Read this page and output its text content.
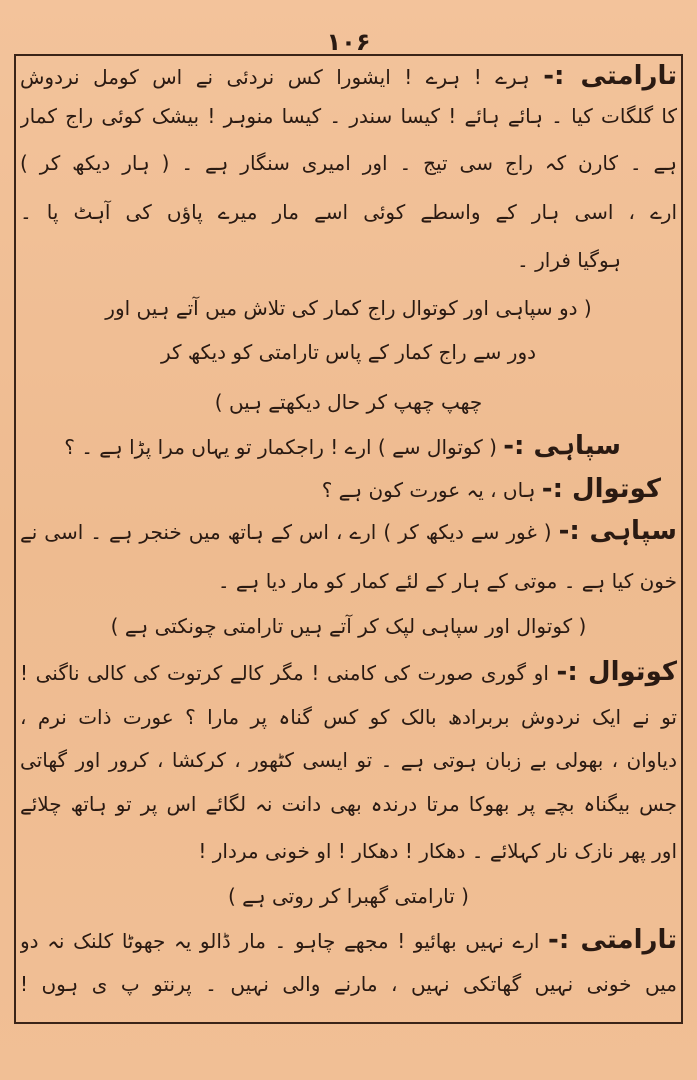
۱۰۶
تارامتی :- ہرے ! ہرے ! ایشورا کس نردئی نے اس کومل نردوش
کا گلگات کیا ۔ ہائے ہائے ! کیسا سندر ۔ کیسا منوہر ! بیشک کوئی راج کمار
ہے ۔ کارن کہ راج سی تیج ۔ اور امیری سنگار ہے ۔ ( ہار دیکھ کر )
ارے ، اسی ہار کے واسطے کوئی اسے مار میرے پاؤں کی آہٹ پا ۔
ہوگیا فرار ۔
( دو سپاہی اور کوتوال راج کمار کی تلاش میں آتے ہیں اور
دور سے راج کمار کے پاس تارامتی کو دیکھ کر
چھپ چھپ کر حال دیکھتے ہیں )
سپاہی :- ( کوتوال سے ) ارے ! راجکمار تو یہاں مرا پڑا ہے ۔ ؟
کوتوال :- ہاں ، یہ عورت کون ہے ؟
سپاہی :- ( غور سے دیکھ کر ) ارے ، اس کے ہاتھ میں خنجر ہے ۔ اسی نے
خون کیا ہے ۔ موتی کے ہار کے لئے کمار کو مار دیا ہے ۔
( کوتوال اور سپاہی لپک کر آتے ہیں تارامتی چونکتی ہے )
کوتوال :- او گوری صورت کی کامنی ! مگر کالے کرتوت کی کالی ناگنی !
تو نے ایک نردوش بربرادھ بالک کو کس گناہ پر مارا ؟ عورت ذات نرم ،
دیاوان ، بھولی بے زبان ہوتی ہے ۔ تو ایسی کٹھور ، کرکشا ، کرور اور گھاتی
جس بیگناہ بچے پر بھوکا مرتا درندہ بھی دانت نہ لگائے اس پر تو ہاتھ چلائے
اور پھر نازک نار کہلائے ۔ دھکار ! دھکار ! او خونی مردار !
( تارامتی گھبرا کر روتی ہے )
تارامتی :- ارے نہیں بھائیو ! مجھے چاہو ۔ مار ڈالو یہ جھوٹا کلنک نہ دو
میں خونی نہیں گھاتکی نہیں ، مارنے والی نہیں ۔ پرنتو پ ی ہوں !
